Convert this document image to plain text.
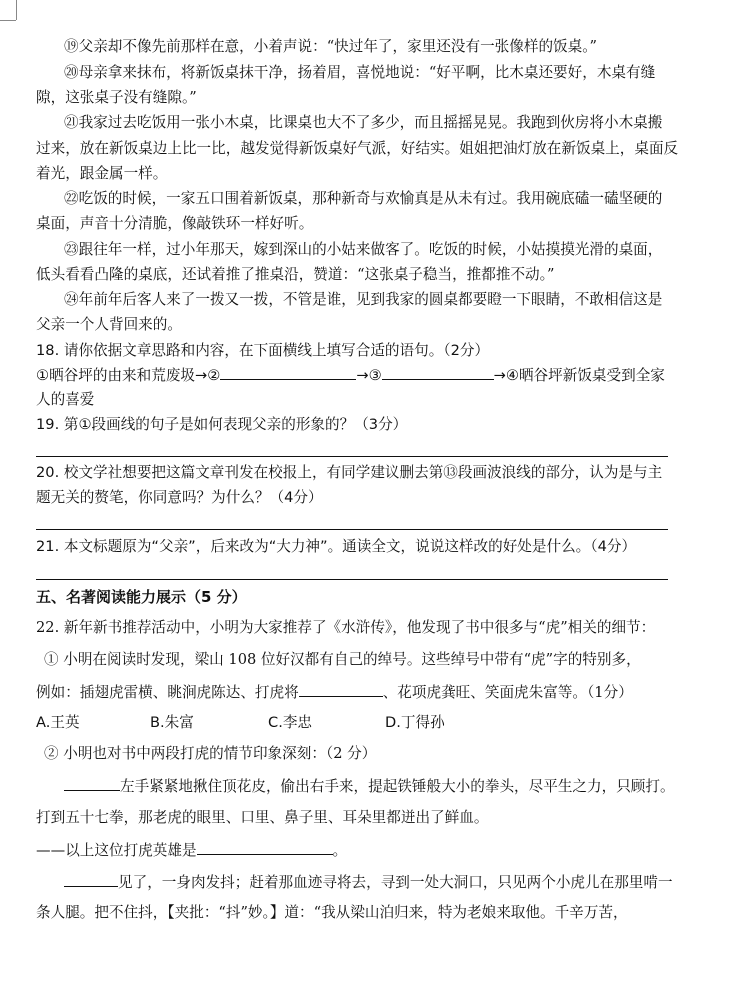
⑲父亲却不像先前那样在意，小着声说：“快过年了，家里还没有一张像样的饭桌。”
⑳母亲拿来抹布，将新饭桌抹干净，扬着眉，喜悦地说：“好平啊，比木桌还要好，木桌有缝
隙，这张桌子没有缝隙。”
㉑我家过去吃饭用一张小木桌，比课桌也大不了多少，而且摇摇晃晃。我跑到伙房将小木桌搬
过来，放在新饭桌边上比一比，越发觉得新饭桌好气派，好结实。姐姐把油灯放在新饭桌上，桌面反
着光，跟金属一样。
㉒吃饭的时候，一家五口围着新饭桌，那种新奇与欢愉真是从未有过。我用碗底磕一磕坚硬的
桌面，声音十分清脆，像敲铁环一样好听。
㉓跟往年一样，过小年那天，嫁到深山的小姑来做客了。吃饭的时候，小姑摸摸光滑的桌面，
低头看看凸隆的桌底，还试着推了推桌沿，赞道：“这张桌子稳当，推都推不动。”
㉔年前年后客人来了一拨又一拨，不管是谁，见到我家的圆桌都要瞪一下眼睛，不敢相信这是
父亲一个人背回来的。
18. 请你依据文章思路和内容，在下面横线上填写合适的语句。（2分）
①晒谷坪的由来和荒废圾→②	→③	→④晒谷坪新饭桌受到全家
人的喜爱
19. 第①段画线的句子是如何表现父亲的形象的？（3分）
20. 校文学社想要把这篇文章刊发在校报上，有同学建议删去第⑬段画波浪线的部分，认为是与主
题无关的赘笔，你同意吗？为什么？（4分）
21. 本文标题原为“父亲”，后来改为“大力神”。通读全文，说说这样改的好处是什么。（4分）
五、名著阅读能力展示（5 分）
22. 新年新书推荐活动中，小明为大家推荐了《水浒传》，他发现了书中很多与“虎”相关的细节：
① 小明在阅读时发现，梁山 108 位好汉都有自己的绰号。这些绰号中带有“虎”字的特别多，
例如：插翅虎雷横、眺涧虎陈达、打虎将	、花项虎龚旺、笑面虎朱富等。（1分）
A.王英	B.朱富	C.李忠	D.丁得孙
② 小明也对书中两段打虎的情节印象深刻：（2 分）
左手紧紧地揪住顶花皮，偷出右手来，提起铁锤般大小的拳头，尽平生之力，只顾打。
打到五十七拳，那老虎的眼里、口里、鼻子里、耳朵里都迸出了鲜血。
——以上这位打虎英雄是	。
见了，一身肉发抖；赶着那血迹寻将去，寻到一处大洞口，只见两个小虎儿在那里啃一
条人腿。把不住抖，【夹批：“抖”妙。】道：“我从梁山泊归来，特为老娘来取他。千辛万苦，
